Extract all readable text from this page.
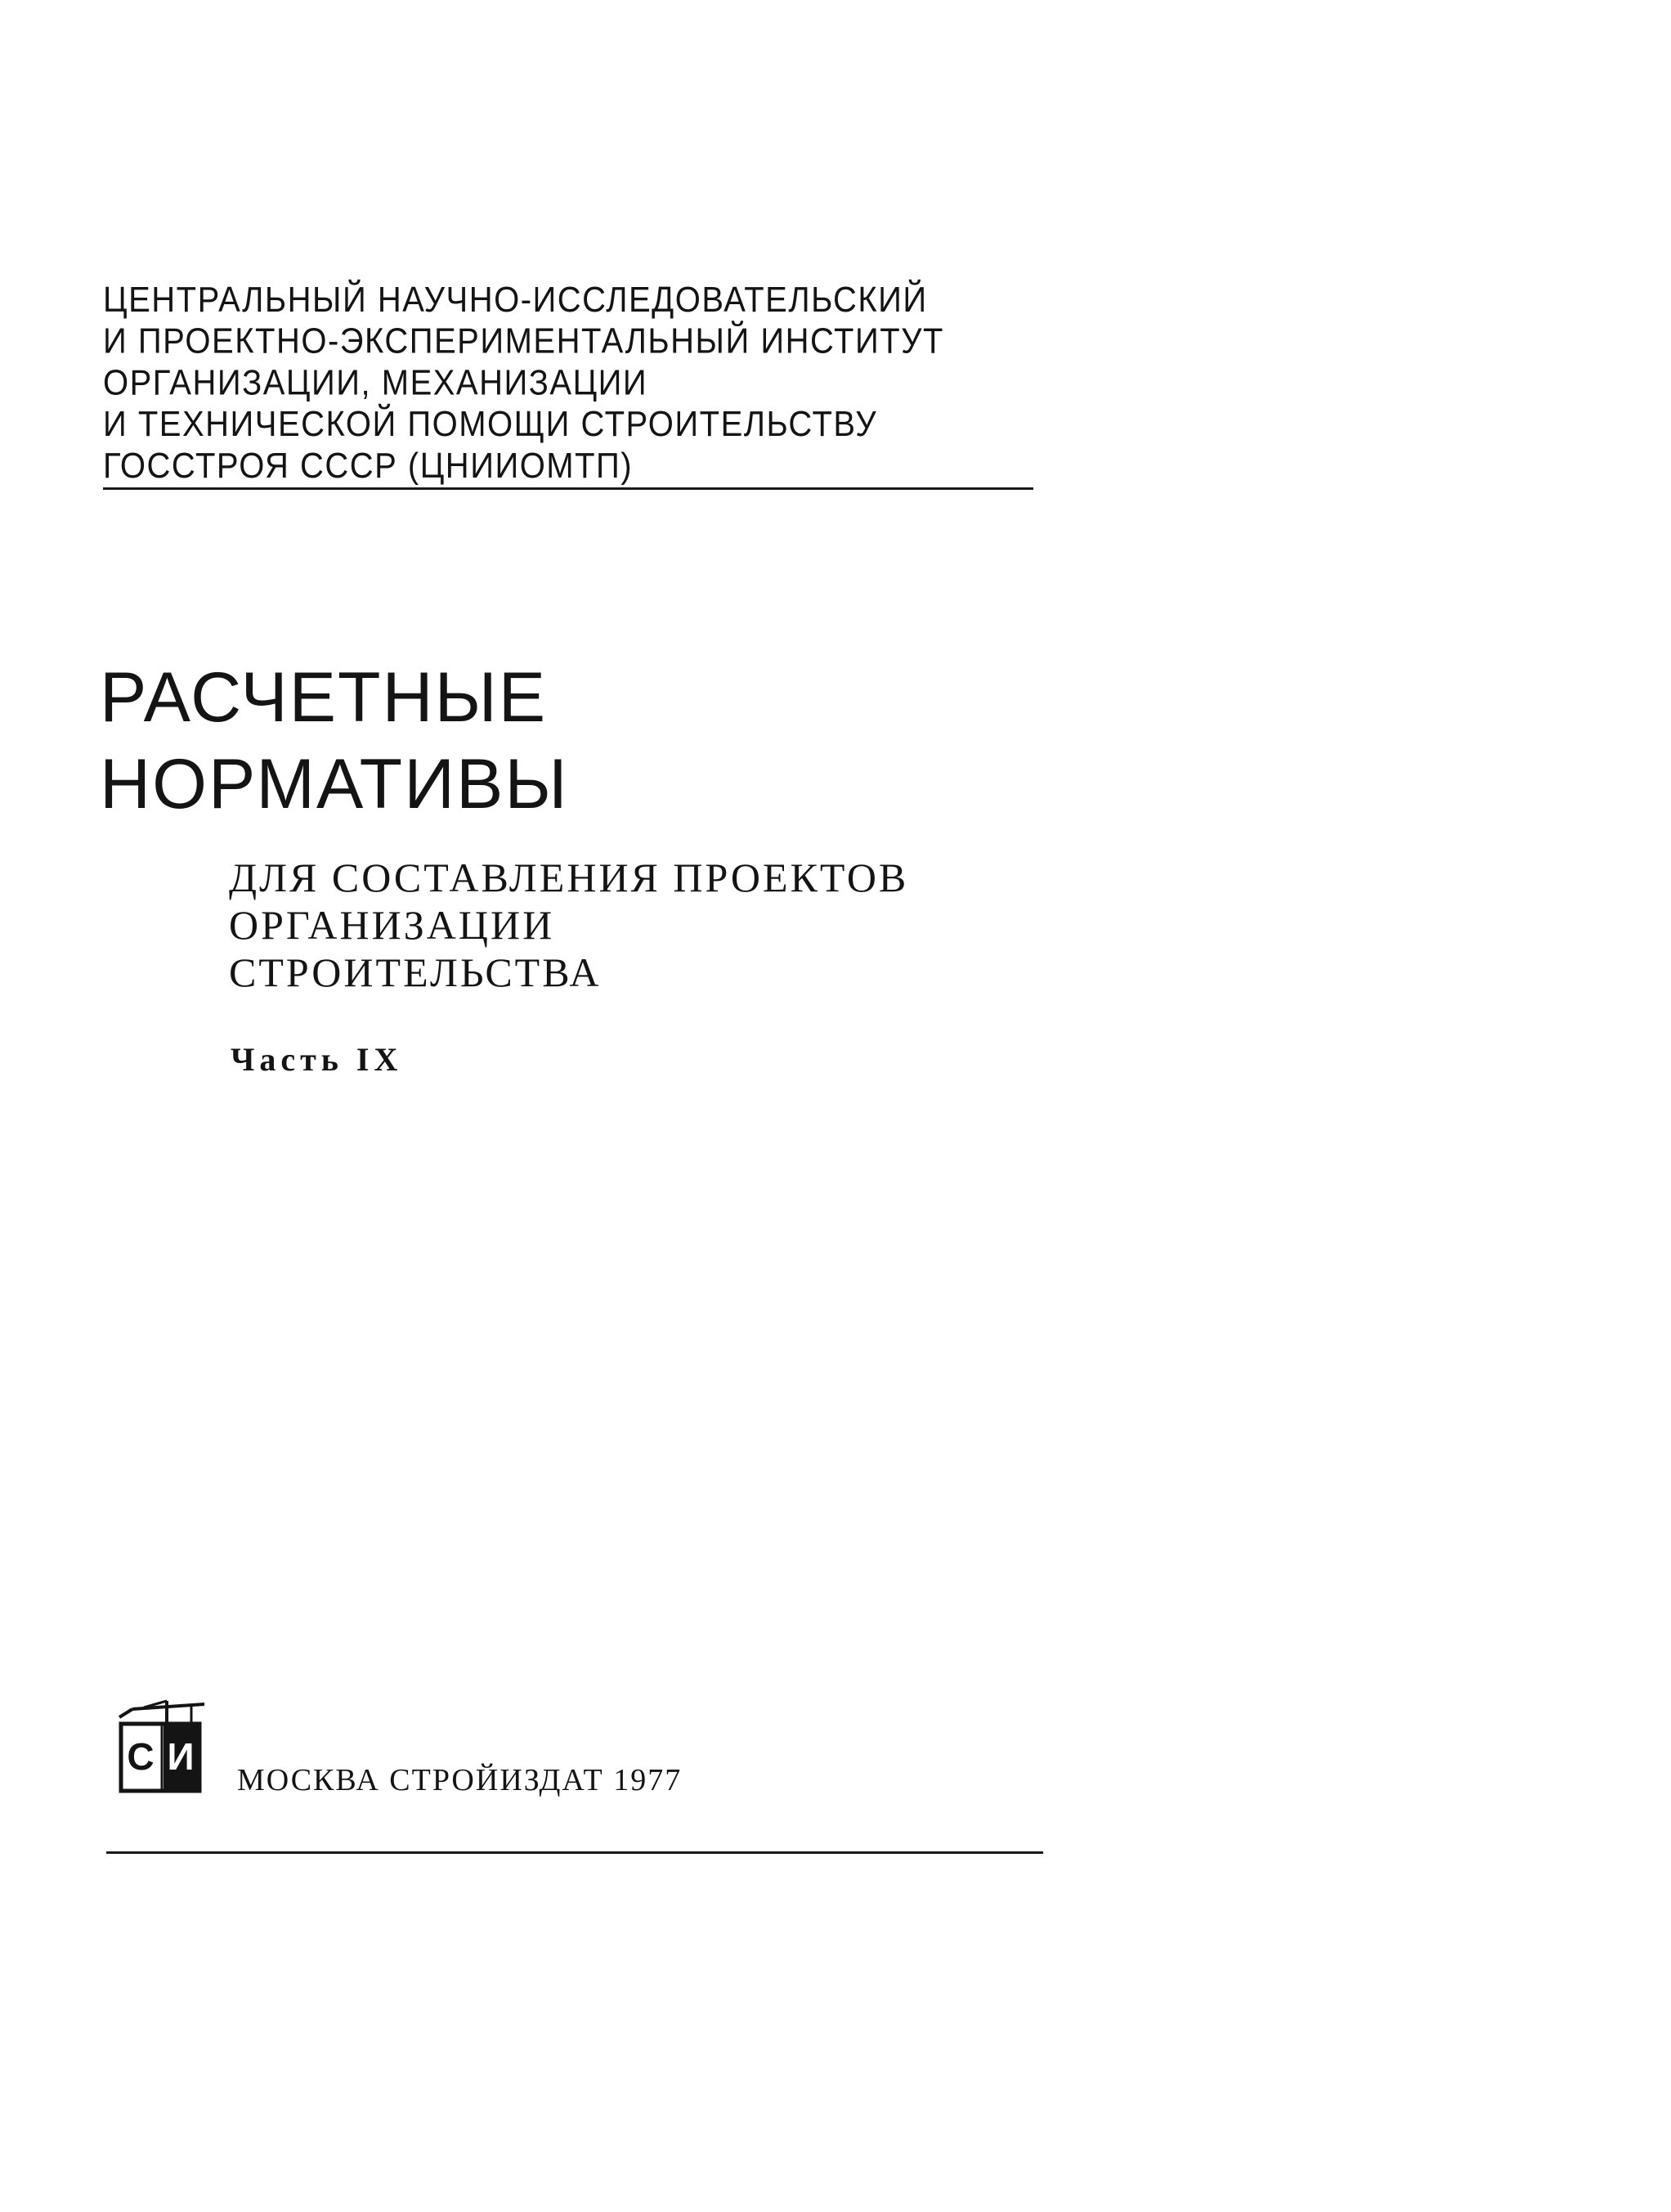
ЦЕНТРАЛЬНЫЙ НАУЧНО-ИССЛЕДОВАТЕЛЬСКИЙ
И ПРОЕКТНО-ЭКСПЕРИМЕНТАЛЬНЫЙ ИНСТИТУТ
ОРГАНИЗАЦИИ, МЕХАНИЗАЦИИ
И ТЕХНИЧЕСКОЙ ПОМОЩИ СТРОИТЕЛЬСТВУ
ГОССТРОЯ СССР (ЦНИИОМТП)
РАСЧЕТНЫЕ
НОРМАТИВЫ
ДЛЯ СОСТАВЛЕНИЯ ПРОЕКТОВ
ОРГАНИЗАЦИИ
СТРОИТЕЛЬСТВА
Часть IX
С И
МОСКВА СТРОЙИЗДАТ 1977
